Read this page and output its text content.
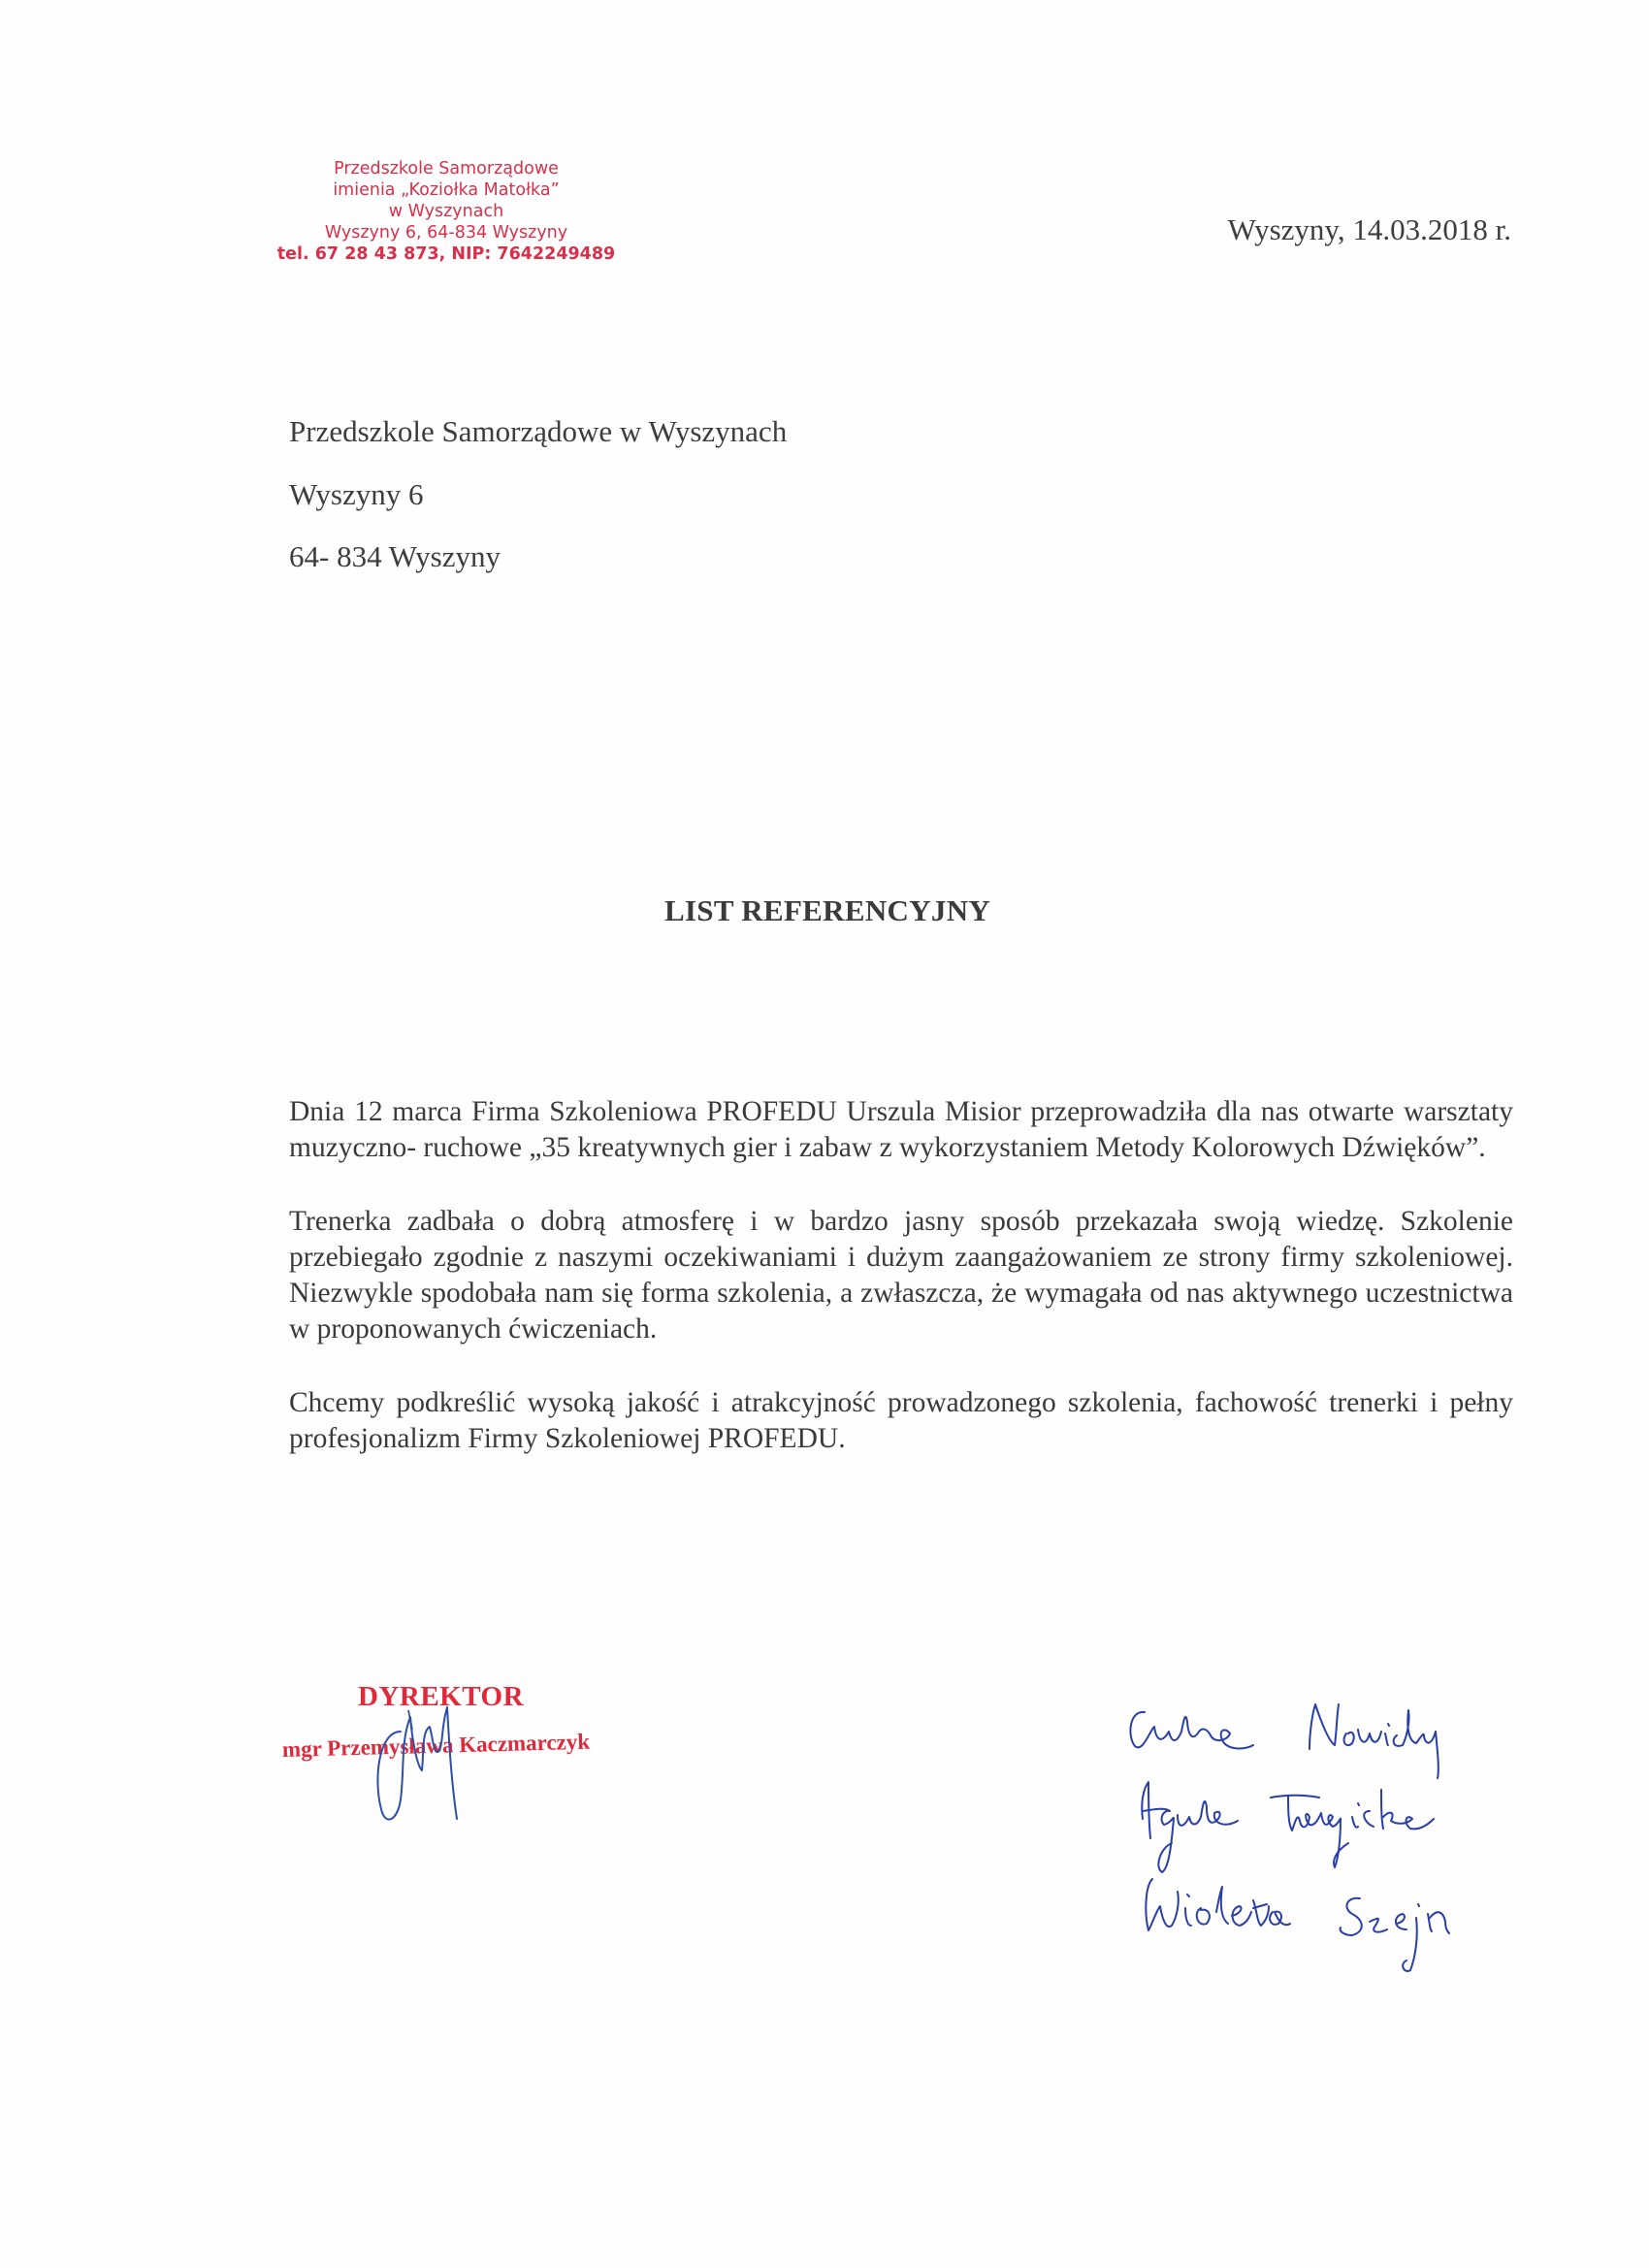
Przedszkole Samorządowe
imienia „Koziołka Matołka”
w Wyszynach
Wyszyny 6, 64-834 Wyszyny
tel. 67 28 43 873, NIP: 7642249489
Wyszyny, 14.03.2018 r.
Przedszkole Samorządowe w Wyszynach
Wyszyny 6
64- 834 Wyszyny
LIST REFERENCYJNY

Dnia 12 marca Firma Szkoleniowa PROFEDU Urszula Misior przeprowadziła dla nas otwarte warsztaty muzyczno- ruchowe „35 kreatywnych gier i zabaw z wykorzystaniem Metody Kolorowych Dźwięków”.

Trenerka zadbała o dobrą atmosferę i w bardzo jasny sposób przekazała swoją wiedzę. Szkolenie przebiegało zgodnie z naszymi oczekiwaniami i dużym zaangażowaniem ze strony firmy szkoleniowej. Niezwykle spodobała nam się forma szkolenia, a zwłaszcza, że wymagała od nas aktywnego uczestnictwa w proponowanych ćwiczeniach.

Chcemy podkreślić wysoką jakość i atrakcyjność prowadzonego szkolenia, fachowość trenerki i pełny profesjonalizm Firmy Szkoleniowej PROFEDU.

DYREKTOR
mgr Przemysława Kaczmarczyk
